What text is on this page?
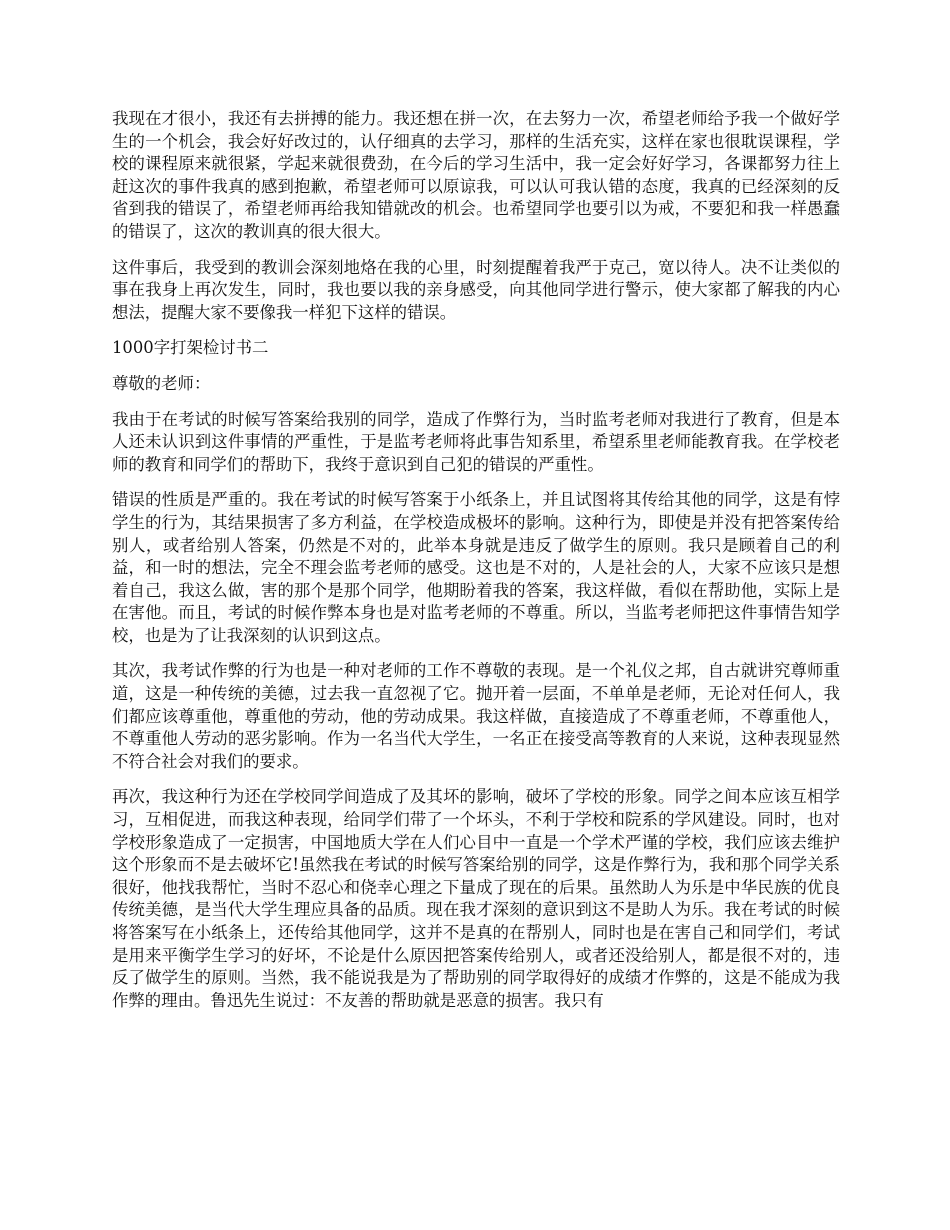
我现在才很小，我还有去拼搏的能力。我还想在拼一次，在去努力一次，希望老师给予我一个做好学生的一个机会，我会好好改过的，认仔细真的去学习，那样的生活充实，这样在家也很耽误课程，学校的课程原来就很紧，学起来就很费劲，在今后的学习生活中，我一定会好好学习，各课都努力往上赶这次的事件我真的感到抱歉，希望老师可以原谅我，可以认可我认错的态度，我真的已经深刻的反省到我的错误了，希望老师再给我知错就改的机会。也希望同学也要引以为戒，不要犯和我一样愚蠢的错误了，这次的教训真的很大很大。

这件事后，我受到的教训会深刻地烙在我的心里，时刻提醒着我严于克己，宽以待人。决不让类似的事在我身上再次发生，同时，我也要以我的亲身感受，向其他同学进行警示，使大家都了解我的内心想法，提醒大家不要像我一样犯下这样的错误。

1000字打架检讨书二

尊敬的老师：

我由于在考试的时候写答案给我别的同学，造成了作弊行为，当时监考老师对我进行了教育，但是本人还未认识到这件事情的严重性，于是监考老师将此事告知系里，希望系里老师能教育我。在学校老师的教育和同学们的帮助下，我终于意识到自己犯的错误的严重性。

错误的性质是严重的。我在考试的时候写答案于小纸条上，并且试图将其传给其他的同学，这是有悖学生的行为，其结果损害了多方利益，在学校造成极坏的影响。这种行为，即使是并没有把答案传给别人，或者给别人答案，仍然是不对的，此举本身就是违反了做学生的原则。我只是顾着自己的利益，和一时的想法，完全不理会监考老师的感受。这也是不对的，人是社会的人，大家不应该只是想着自己，我这么做，害的那个是那个同学，他期盼着我的答案，我这样做，看似在帮助他，实际上是在害他。而且，考试的时候作弊本身也是对监考老师的不尊重。所以，当监考老师把这件事情告知学校，也是为了让我深刻的认识到这点。

其次，我考试作弊的行为也是一种对老师的工作不尊敬的表现。是一个礼仪之邦，自古就讲究尊师重道，这是一种传统的美德，过去我一直忽视了它。抛开着一层面，不单单是老师，无论对任何人，我们都应该尊重他，尊重他的劳动，他的劳动成果。我这样做，直接造成了不尊重老师，不尊重他人，不尊重他人劳动的恶劣影响。作为一名当代大学生，一名正在接受高等教育的人来说，这种表现显然不符合社会对我们的要求。

再次，我这种行为还在学校同学间造成了及其坏的影响，破坏了学校的形象。同学之间本应该互相学习，互相促进，而我这种表现，给同学们带了一个坏头，不利于学校和院系的学风建设。同时，也对学校形象造成了一定损害，中国地质大学在人们心目中一直是一个学术严谨的学校，我们应该去维护这个形象而不是去破坏它!虽然我在考试的时候写答案给别的同学，这是作弊行为，我和那个同学关系很好，他找我帮忙，当时不忍心和侥幸心理之下量成了现在的后果。虽然助人为乐是中华民族的优良传统美德，是当代大学生理应具备的品质。现在我才深刻的意识到这不是助人为乐。我在考试的时候将答案写在小纸条上，还传给其他同学，这并不是真的在帮别人，同时也是在害自己和同学们，考试是用来平衡学生学习的好坏，不论是什么原因把答案传给别人，或者还没给别人，都是很不对的，违反了做学生的原则。当然，我不能说我是为了帮助别的同学取得好的成绩才作弊的，这是不能成为我作弊的理由。鲁迅先生说过：不友善的帮助就是恶意的损害。我只有
